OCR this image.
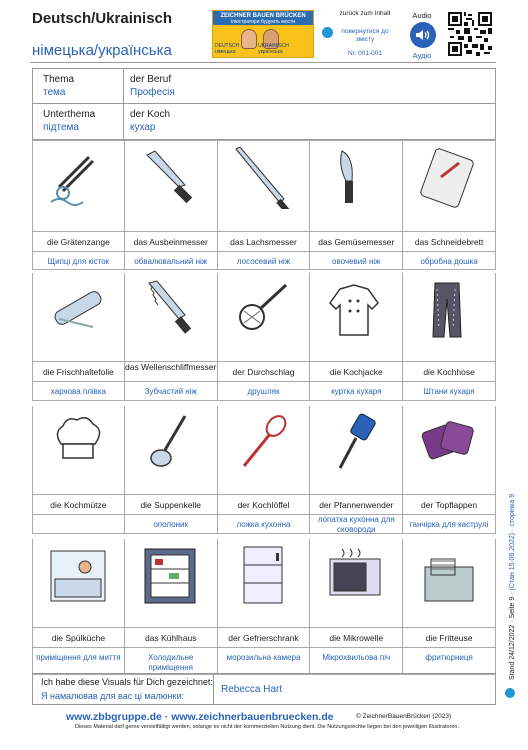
Deutsch/Ukrainisch
німецька/українська
ZEICHNER BAUEN BRÜCKEN
ілюстратори будують мости
DEUTSCH німецька
UKRAINISCH українська
zurück zum Inhalt
повернутися до змісту
Nr. 001-001
Audio
Аудіо
Thema
тема
der Beruf
Професія
Unterthema
підтема
der Koch
кухар
die Grätenzange
Щипці для кісток
das Ausbeinmesser
обвалювальний ніж
das Lachsmesser
лососевий ніж
das Gemüsemesser
овочевий ніж
das Schneidebrett
обробна дошка
die Frischhaltefolie
харчова плівка
das Wellenschliffmesser
Зубчастий ніж
der Durchschlag
друшляк
die Kochjacke
куртка кухаря
die Kochhose
Штани кухаря
die Kochmütze	die Suppenkelle
ополоник
der Kochlöffel
ложка кухонна
der Pfannenwender
лопатка кухонна для сковороди
der Topflappen
ганчірка для каструлі
die Spülküche
приміщення для миття
das Kühlhaus
Холодильне приміщення
der Gefrierschrank
морозильна камера
die Mikrowelle
Мікрохвильова піч
die Fritteuse
фритюрниця
Ich habe diese Visuals für Dich gezeichnet:
Я намалював для вас ці малюнки:
Rebecca Hart
www.zbbgruppe.de · www.zeichnerbauenbruecken.de	© ZeichnerBauenBrücken (2023)
Dieses Material darf gerne vervielfältigt werden, solange es nicht der kommerziellen Nutzung dient. Die Nutzungsrechte liegen bei den jeweiligen Illustratoren.
Stand 24/12/2022 · Seite 9 · (Стан 15.06.2022) · сторінка 9
